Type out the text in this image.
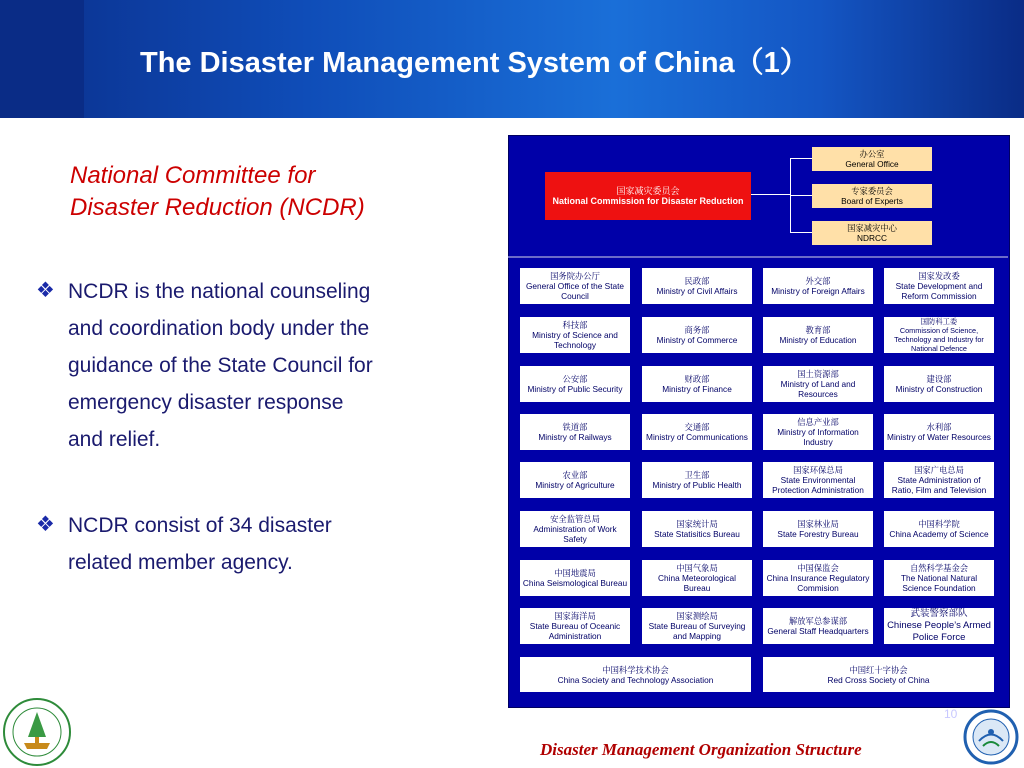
The Disaster Management System of China（1）
National Committee for
Disaster Reduction (NCDR)
❖ NCDR is the national counseling
and coordination body under the
guidance of the State Council for
emergency disaster response
and relief.
❖ NCDR consist of 34 disaster
related member agency.
国家减灾委员会
National Commission for Disaster Reduction
办公室
General Office
专家委员会
Board of Experts
国家减灾中心
NDRCC
国务院办公厅
General Office of the State Council
民政部
Ministry of Civil Affairs
外交部
Ministry of Foreign Affairs
国家发改委
State Development and Reform Commission
科技部
Ministry of Science and Technology
商务部
Ministry of Commerce
教育部
Ministry of Education
国防科工委
Commission of Science, Technology and Industry for National Defence
公安部
Ministry of Public Security
财政部
Ministry of Finance
国土资源部
Ministry of Land and Resources
建设部
Ministry of Construction
铁道部
Ministry of Railways
交通部
Ministry of Communications
信息产业部
Ministry of Information Industry
水利部
Ministry of Water Resources
农业部
Ministry of Agriculture
卫生部
Ministry of Public Health
国家环保总局
State Environmental Protection Administration
国家广电总局
State Administration of Ratio, Film and Television
安全监管总局
Administration of Work Safety
国家统计局
State Statisitics Bureau
国家林业局
State Forestry Bureau
中国科学院
China Academy of Science
中国地震局
China Seismological Bureau
中国气象局
China Meteorological Bureau
中国保监会
China Insurance Regulatory Commision
自然科学基金会
The National Natural Science Foundation
国家海洋局
State Bureau of Oceanic Administration
国家测绘局
State Bureau of Surveying and Mapping
解放军总参谋部
General Staff Headquarters
武装警察部队
Chinese People’s Armed Police Force
中国科学技术协会
China Society and Technology Association
中国红十字协会
Red Cross Society of China
10
Disaster Management Organization Structure
